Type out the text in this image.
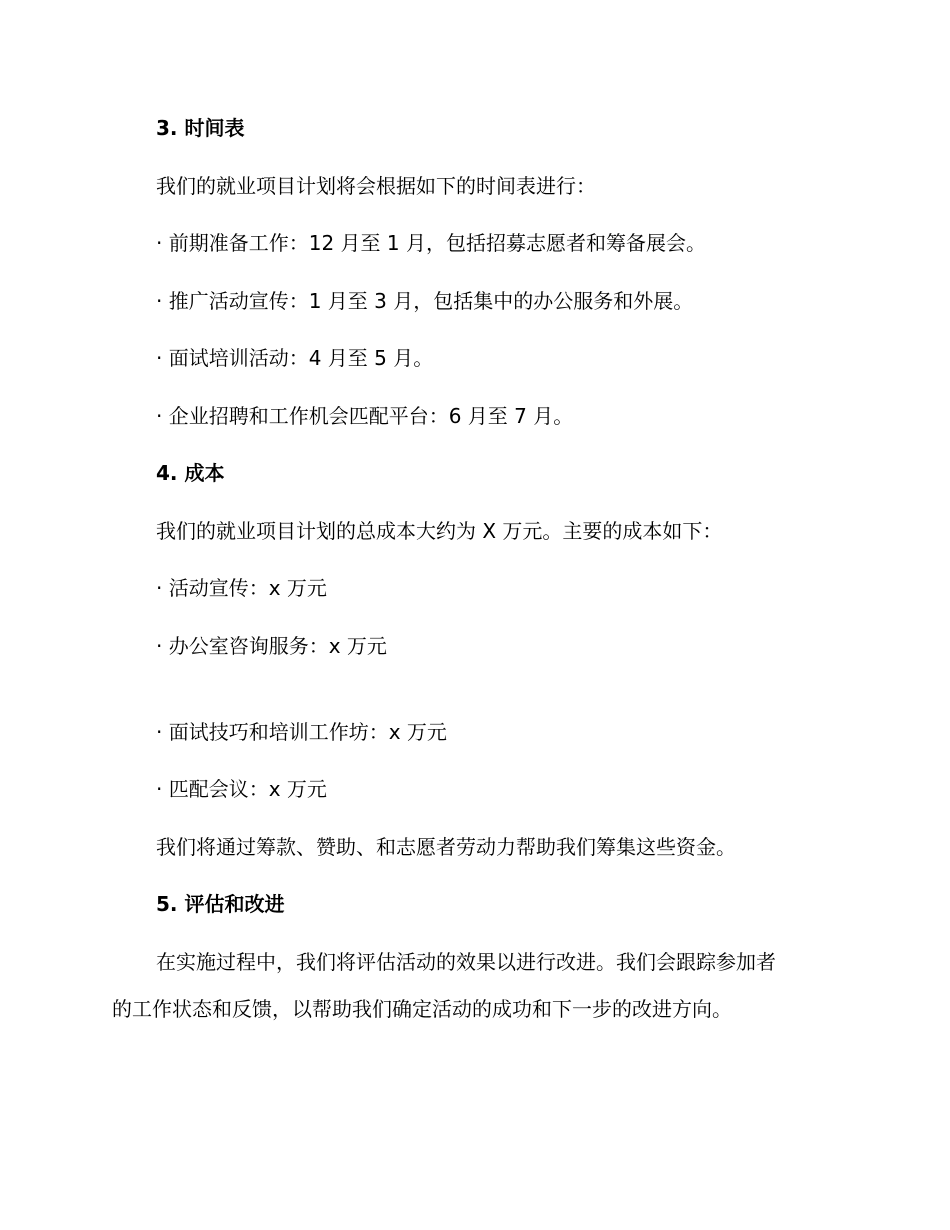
3. 时间表
我们的就业项目计划将会根据如下的时间表进行：
· 前期准备工作：12 月至 1 月，包括招募志愿者和筹备展会。
· 推广活动宣传：1 月至 3 月，包括集中的办公服务和外展。
· 面试培训活动：4 月至 5 月。
· 企业招聘和工作机会匹配平台：6 月至 7 月。
4. 成本
我们的就业项目计划的总成本大约为 X 万元。主要的成本如下：
· 活动宣传：x 万元
· 办公室咨询服务：x 万元
· 面试技巧和培训工作坊：x 万元
· 匹配会议：x 万元
我们将通过筹款、赞助、和志愿者劳动力帮助我们筹集这些资金。
5. 评估和改进
在实施过程中，我们将评估活动的效果以进行改进。我们会跟踪参加者
的工作状态和反馈，以帮助我们确定活动的成功和下一步的改进方向。
